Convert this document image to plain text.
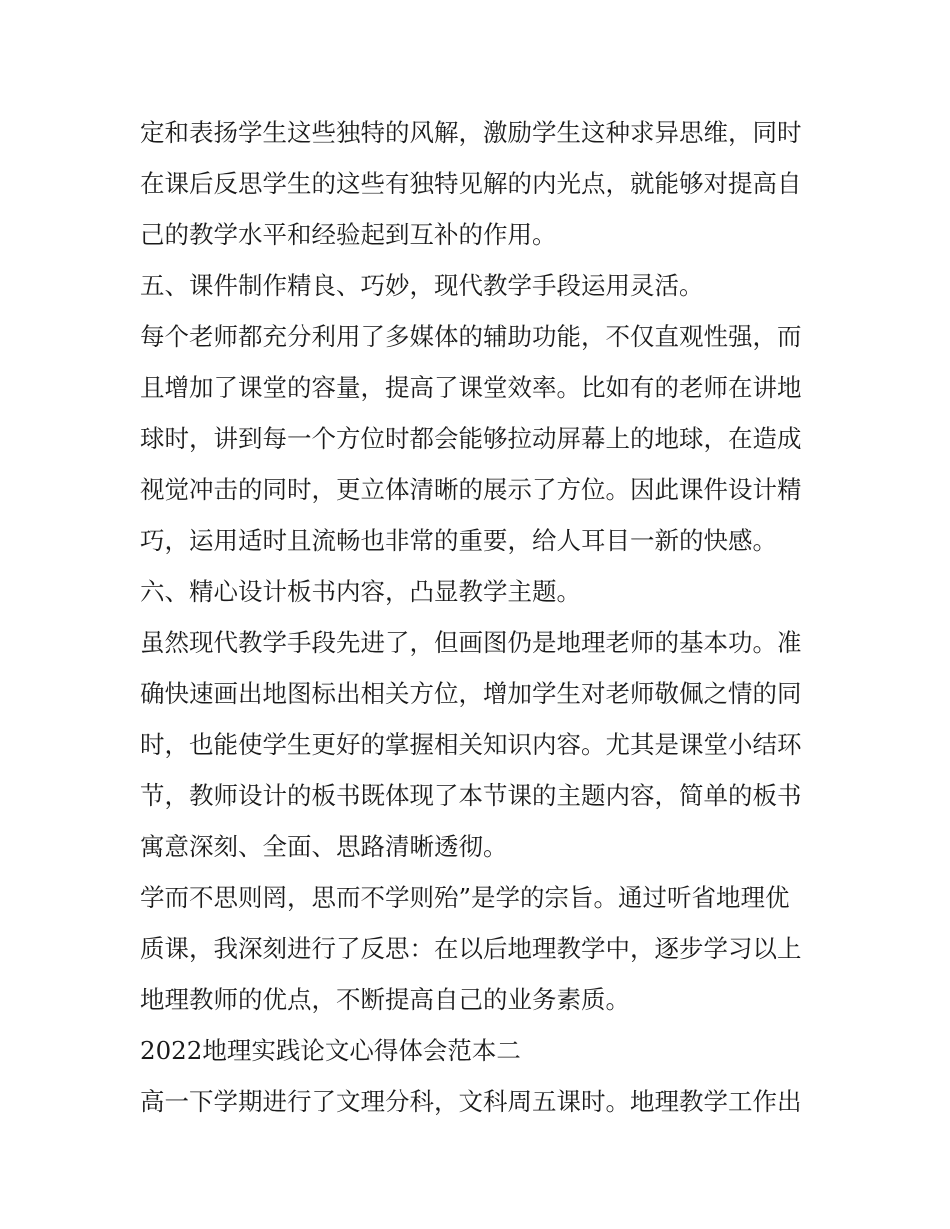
定和表扬学生这些独特的风解，激励学生这种求异思维，同时
在课后反思学生的这些有独特见解的内光点，就能够对提高自
己的教学水平和经验起到互补的作用。
五、课件制作精良、巧妙，现代教学手段运用灵活。
每个老师都充分利用了多媒体的辅助功能，不仅直观性强，而
且增加了课堂的容量，提高了课堂效率。比如有的老师在讲地
球时，讲到每一个方位时都会能够拉动屏幕上的地球，在造成
视觉冲击的同时，更立体清晰的展示了方位。因此课件设计精
巧，运用适时且流畅也非常的重要，给人耳目一新的快感。
六、精心设计板书内容，凸显教学主题。
虽然现代教学手段先进了，但画图仍是地理老师的基本功。准
确快速画出地图标出相关方位，增加学生对老师敬佩之情的同
时，也能使学生更好的掌握相关知识内容。尤其是课堂小结环
节，教师设计的板书既体现了本节课的主题内容，简单的板书
寓意深刻、全面、思路清晰透彻。
学而不思则罔，思而不学则殆”是学的宗旨。通过听省地理优
质课，我深刻进行了反思：在以后地理教学中，逐步学习以上
地理教师的优点，不断提高自己的业务素质。
2022地理实践论文心得体会范本二
高一下学期进行了文理分科，文科周五课时。地理教学工作出
